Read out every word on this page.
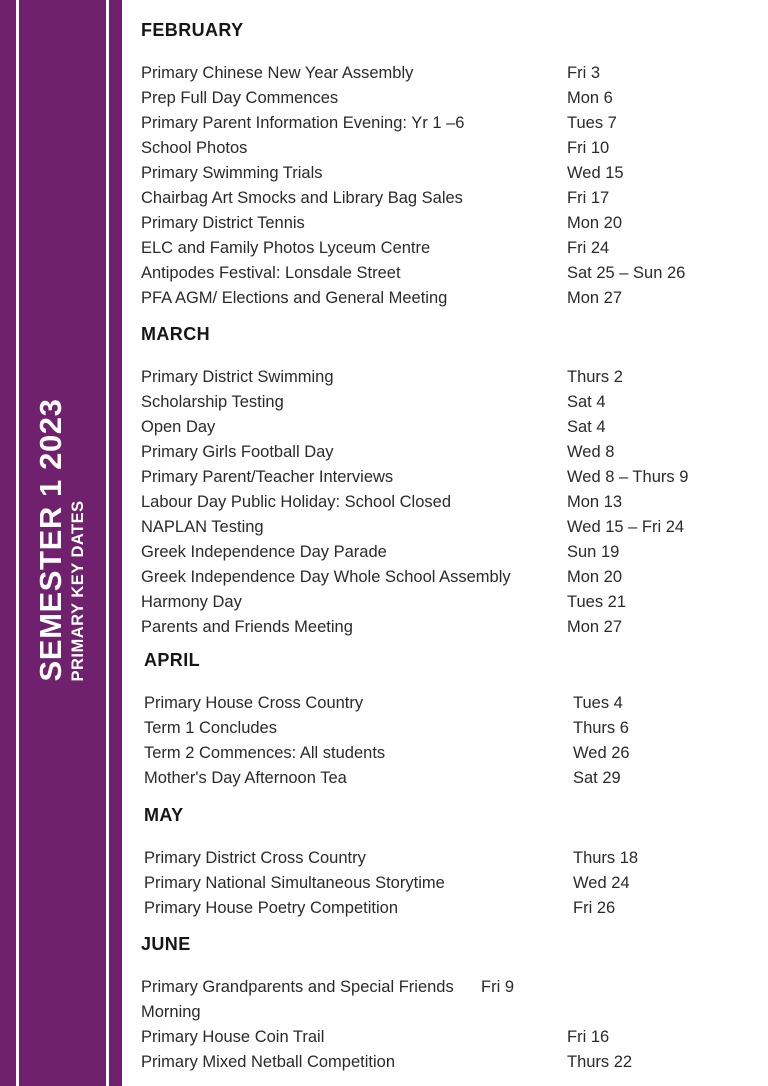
SEMESTER 1 2023 PRIMARY KEY DATES
FEBRUARY
Primary Chinese New Year Assembly	Fri 3
Prep Full Day Commences	Mon 6
Primary Parent Information Evening: Yr 1 –6	Tues 7
School Photos	Fri 10
Primary Swimming Trials	Wed 15
Chairbag Art Smocks and Library Bag Sales	Fri 17
Primary District Tennis	Mon 20
ELC and Family Photos Lyceum Centre	Fri 24
Antipodes Festival: Lonsdale Street	Sat 25 – Sun 26
PFA AGM/ Elections and General Meeting	Mon 27
MARCH
Primary District Swimming	Thurs 2
Scholarship Testing	Sat 4
Open Day	Sat 4
Primary Girls Football Day	Wed 8
Primary Parent/Teacher Interviews	Wed 8 – Thurs 9
Labour Day Public Holiday: School Closed	Mon 13
NAPLAN Testing	Wed 15 – Fri 24
Greek Independence Day Parade	Sun 19
Greek Independence Day Whole School Assembly	Mon 20
Harmony Day	Tues 21
Parents and Friends Meeting	Mon 27
APRIL
Primary House Cross Country	Tues 4
Term 1 Concludes	Thurs 6
Term 2 Commences: All students	Wed 26
Mother's Day Afternoon Tea	Sat 29
MAY
Primary District Cross Country	Thurs 18
Primary National Simultaneous Storytime	Wed 24
Primary House Poetry Competition	Fri 26
JUNE
Primary Grandparents and Special Friends Morning
Fri 9
Primary House Coin Trail	Fri 16
Primary Mixed Netball Competition	Thurs 22
